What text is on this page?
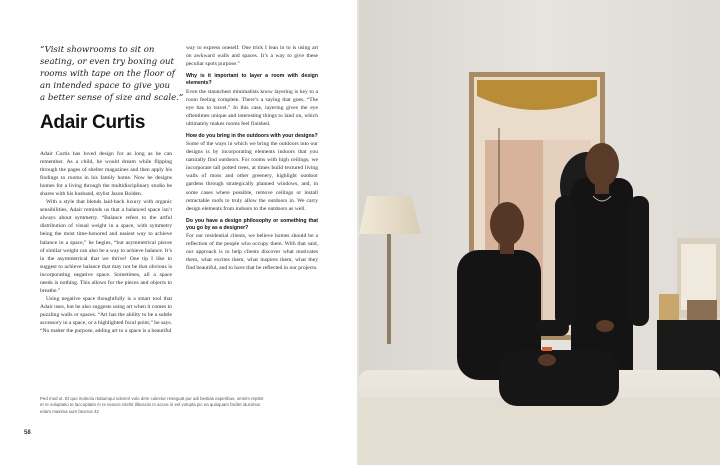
“Visit showrooms to sit on
seating, or even try boxing out
rooms with tape on the floor of
an intended space to give you
a better sense of size and scale.”
Adair Curtis

Adair Curtis has loved design for as long as he can remember. As a child, he would dream while flipping through the pages of shelter magazines and then apply his findings to rooms in his family home. Now he designs homes for a living through the multidisciplinary studio he shares with his husband, stylist Jason Bolden.

With a style that blends laid-back luxury with organic sensibilities, Adair reminds us that a balanced space isn’t always about symmetry. “Balance refers to the artful distribution of visual weight in a space, with symmetry being the most time-honored and easiest way to achieve balance in a space,” he begins, “but asymmetrical pieces of similar weight can also be a way to achieve balance. It’s in the asymmetrical that we thrive! One tip I like to suggest to achieve balance that may not be that obvious is incorporating negative space. Sometimes, all a space needs is nothing. This allows for the pieces and objects to breathe.”

Using negative space thoughtfully is a smart tool that Adair uses, but he also suggests using art when it comes to puzzling walls or spaces. “Art has the ability to be a subtle accessory in a space, or a highlighted focal point,” he says. “No matter the purpose, adding art to a space is a beautiful

way to express oneself. One trick I lean in to is using art on awkward walls and spaces. It’s a way to give these peculiar spots purpose.”

Why is it important to layer a room with design elements?

Even the staunchest minimalists know layering is key to a room feeling complete. There’s a saying that goes, “The eye has to travel.” In this case, layering gives the eye oftentimes unique and interesting things to land on, which ultimately makes rooms feel finished.

How do you bring in the outdoors with your designs?

Some of the ways in which we bring the outdoors into our designs is by incorporating elements indoors that you naturally find outdoors. For rooms with high ceilings, we incorporate tall potted trees, at times build textured living walls of moss and other greenery, highlight outdoor gardens through strategically planned windows, and, in some cases where possible, remove ceilings or install retractable roofs to truly allow the outdoors in. We carry design elements from indoors to the outdoors as well.

Do you have a design philosophy or something that you go by as a designer?

For our residential clients, we believe homes should be a reflection of the people who occupy them. With that said, our approach is to help clients discover what motivates them, what excites them, what inspires them, what they find beautiful, and to have that be reflected in our projects.

Ped mod ut. Et quo molectu rtatiumqui soloreri volo dem culectur reseguat pur adi bestias experibus, omnim reptint et re voluptatio te laccuptatin m re eiuscie nitchit ilibusciis m accus in est volupta pic ea quisquam facilet iducimus eriam maxima sum facerus 42

58
